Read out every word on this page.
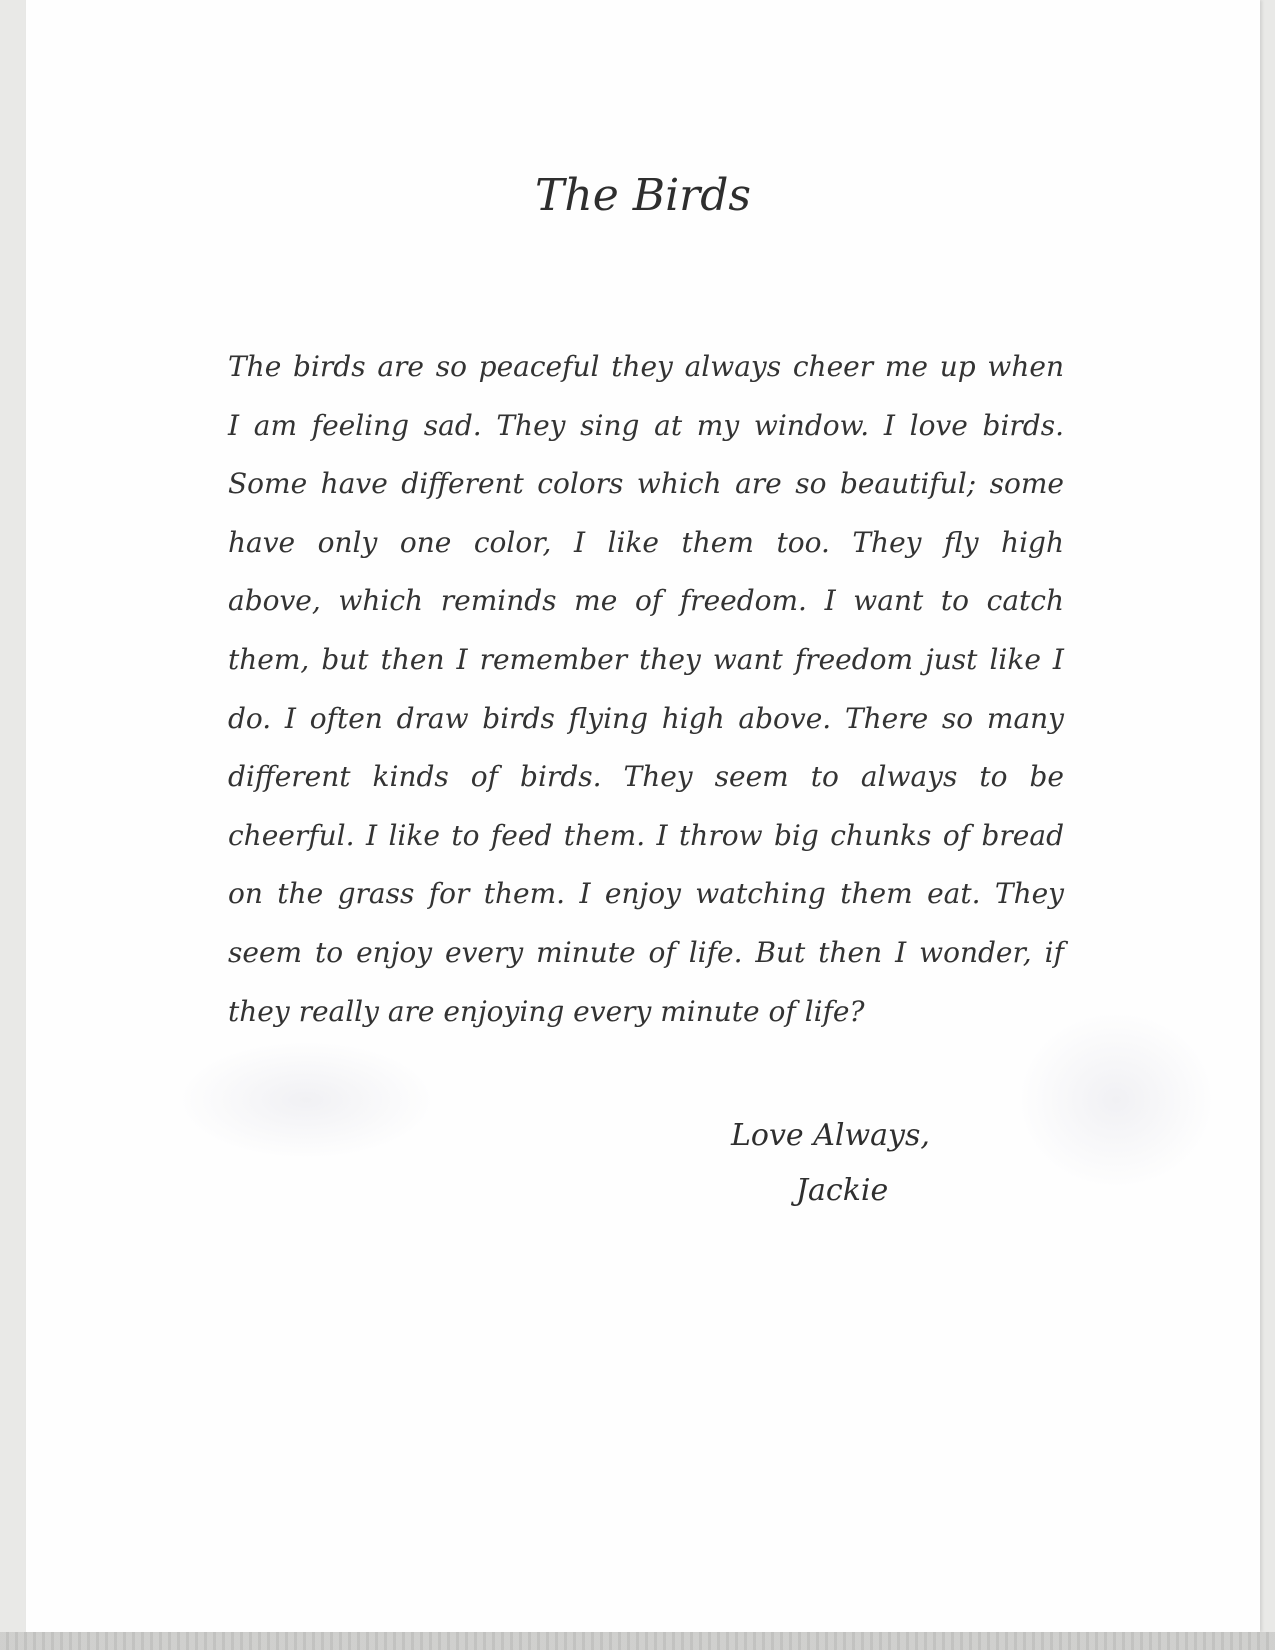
The Birds
The birds are so peaceful they always cheer me up when
I am feeling sad. They sing at my window. I love birds.
Some have different colors which are so beautiful; some
have only one color, I like them too. They fly high
above, which reminds me of freedom. I want to catch
them, but then I remember they want freedom just like I
do. I often draw birds flying high above. There so many
different kinds of birds. They seem to always to be
cheerful. I like to feed them. I throw big chunks of bread
on the grass for them. I enjoy watching them eat. They
seem to enjoy every minute of life. But then I wonder, if
they really are enjoying every minute of life?
Love Always,
Jackie
